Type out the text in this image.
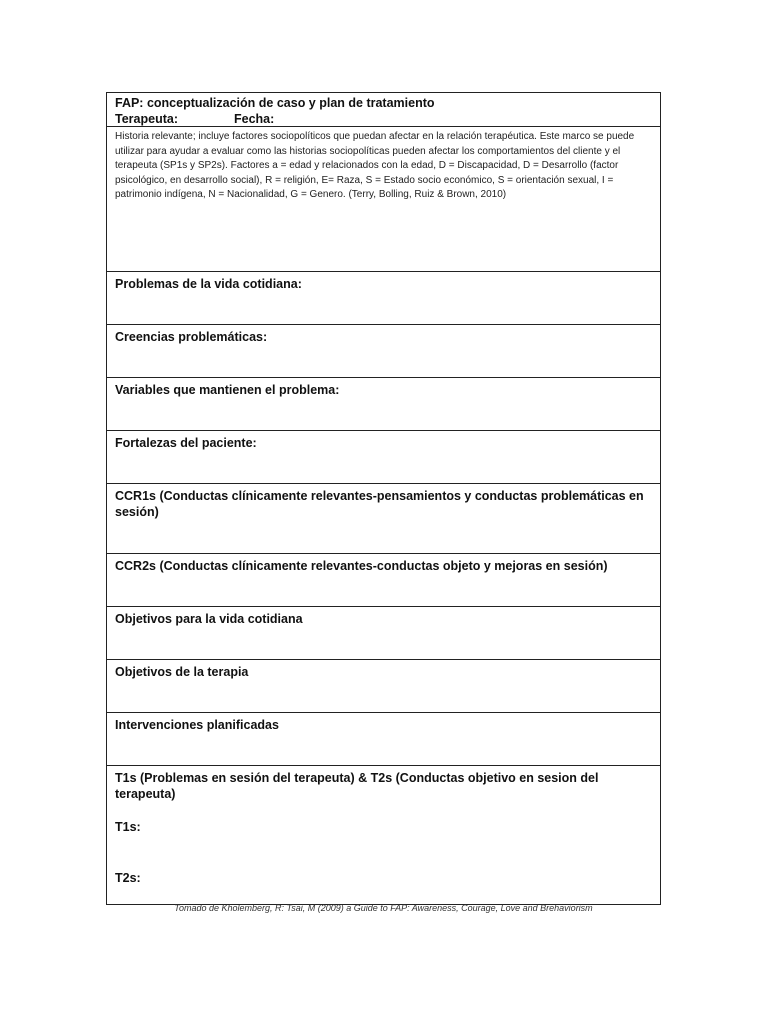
FAP: conceptualización de caso y plan de tratamiento
Terapeuta:	Fecha:
Historia relevante; incluye factores sociopolíticos que puedan afectar en la relación terapéutica. Este marco se puede utilizar para ayudar a evaluar como las historias sociopolíticas pueden afectar los comportamientos del cliente y el terapeuta (SP1s y SP2s). Factores a = edad y relacionados con la edad, D = Discapacidad, D = Desarrollo (factor psicológico, en desarrollo social), R = religión, E= Raza, S = Estado socio económico, S = orientación sexual, I = patrimonio indígena, N = Nacionalidad, G = Genero. (Terry, Bolling, Ruiz & Brown, 2010)
Problemas de la vida cotidiana:
Creencias problemáticas:
Variables que mantienen el problema:
Fortalezas del paciente:
CCR1s (Conductas clínicamente relevantes-pensamientos y conductas problemáticas en sesión)
CCR2s (Conductas clínicamente relevantes-conductas objeto y mejoras en sesión)
Objetivos para la vida cotidiana
Objetivos de la terapia
Intervenciones planificadas
T1s (Problemas en sesión del terapeuta) & T2s (Conductas objetivo en sesion del terapeuta)
T1s:
T2s:
Tomado de Kholemberg, R: Tsai, M (2009) a Guide to FAP: Awareness, Courage, Love and Brehaviorism
